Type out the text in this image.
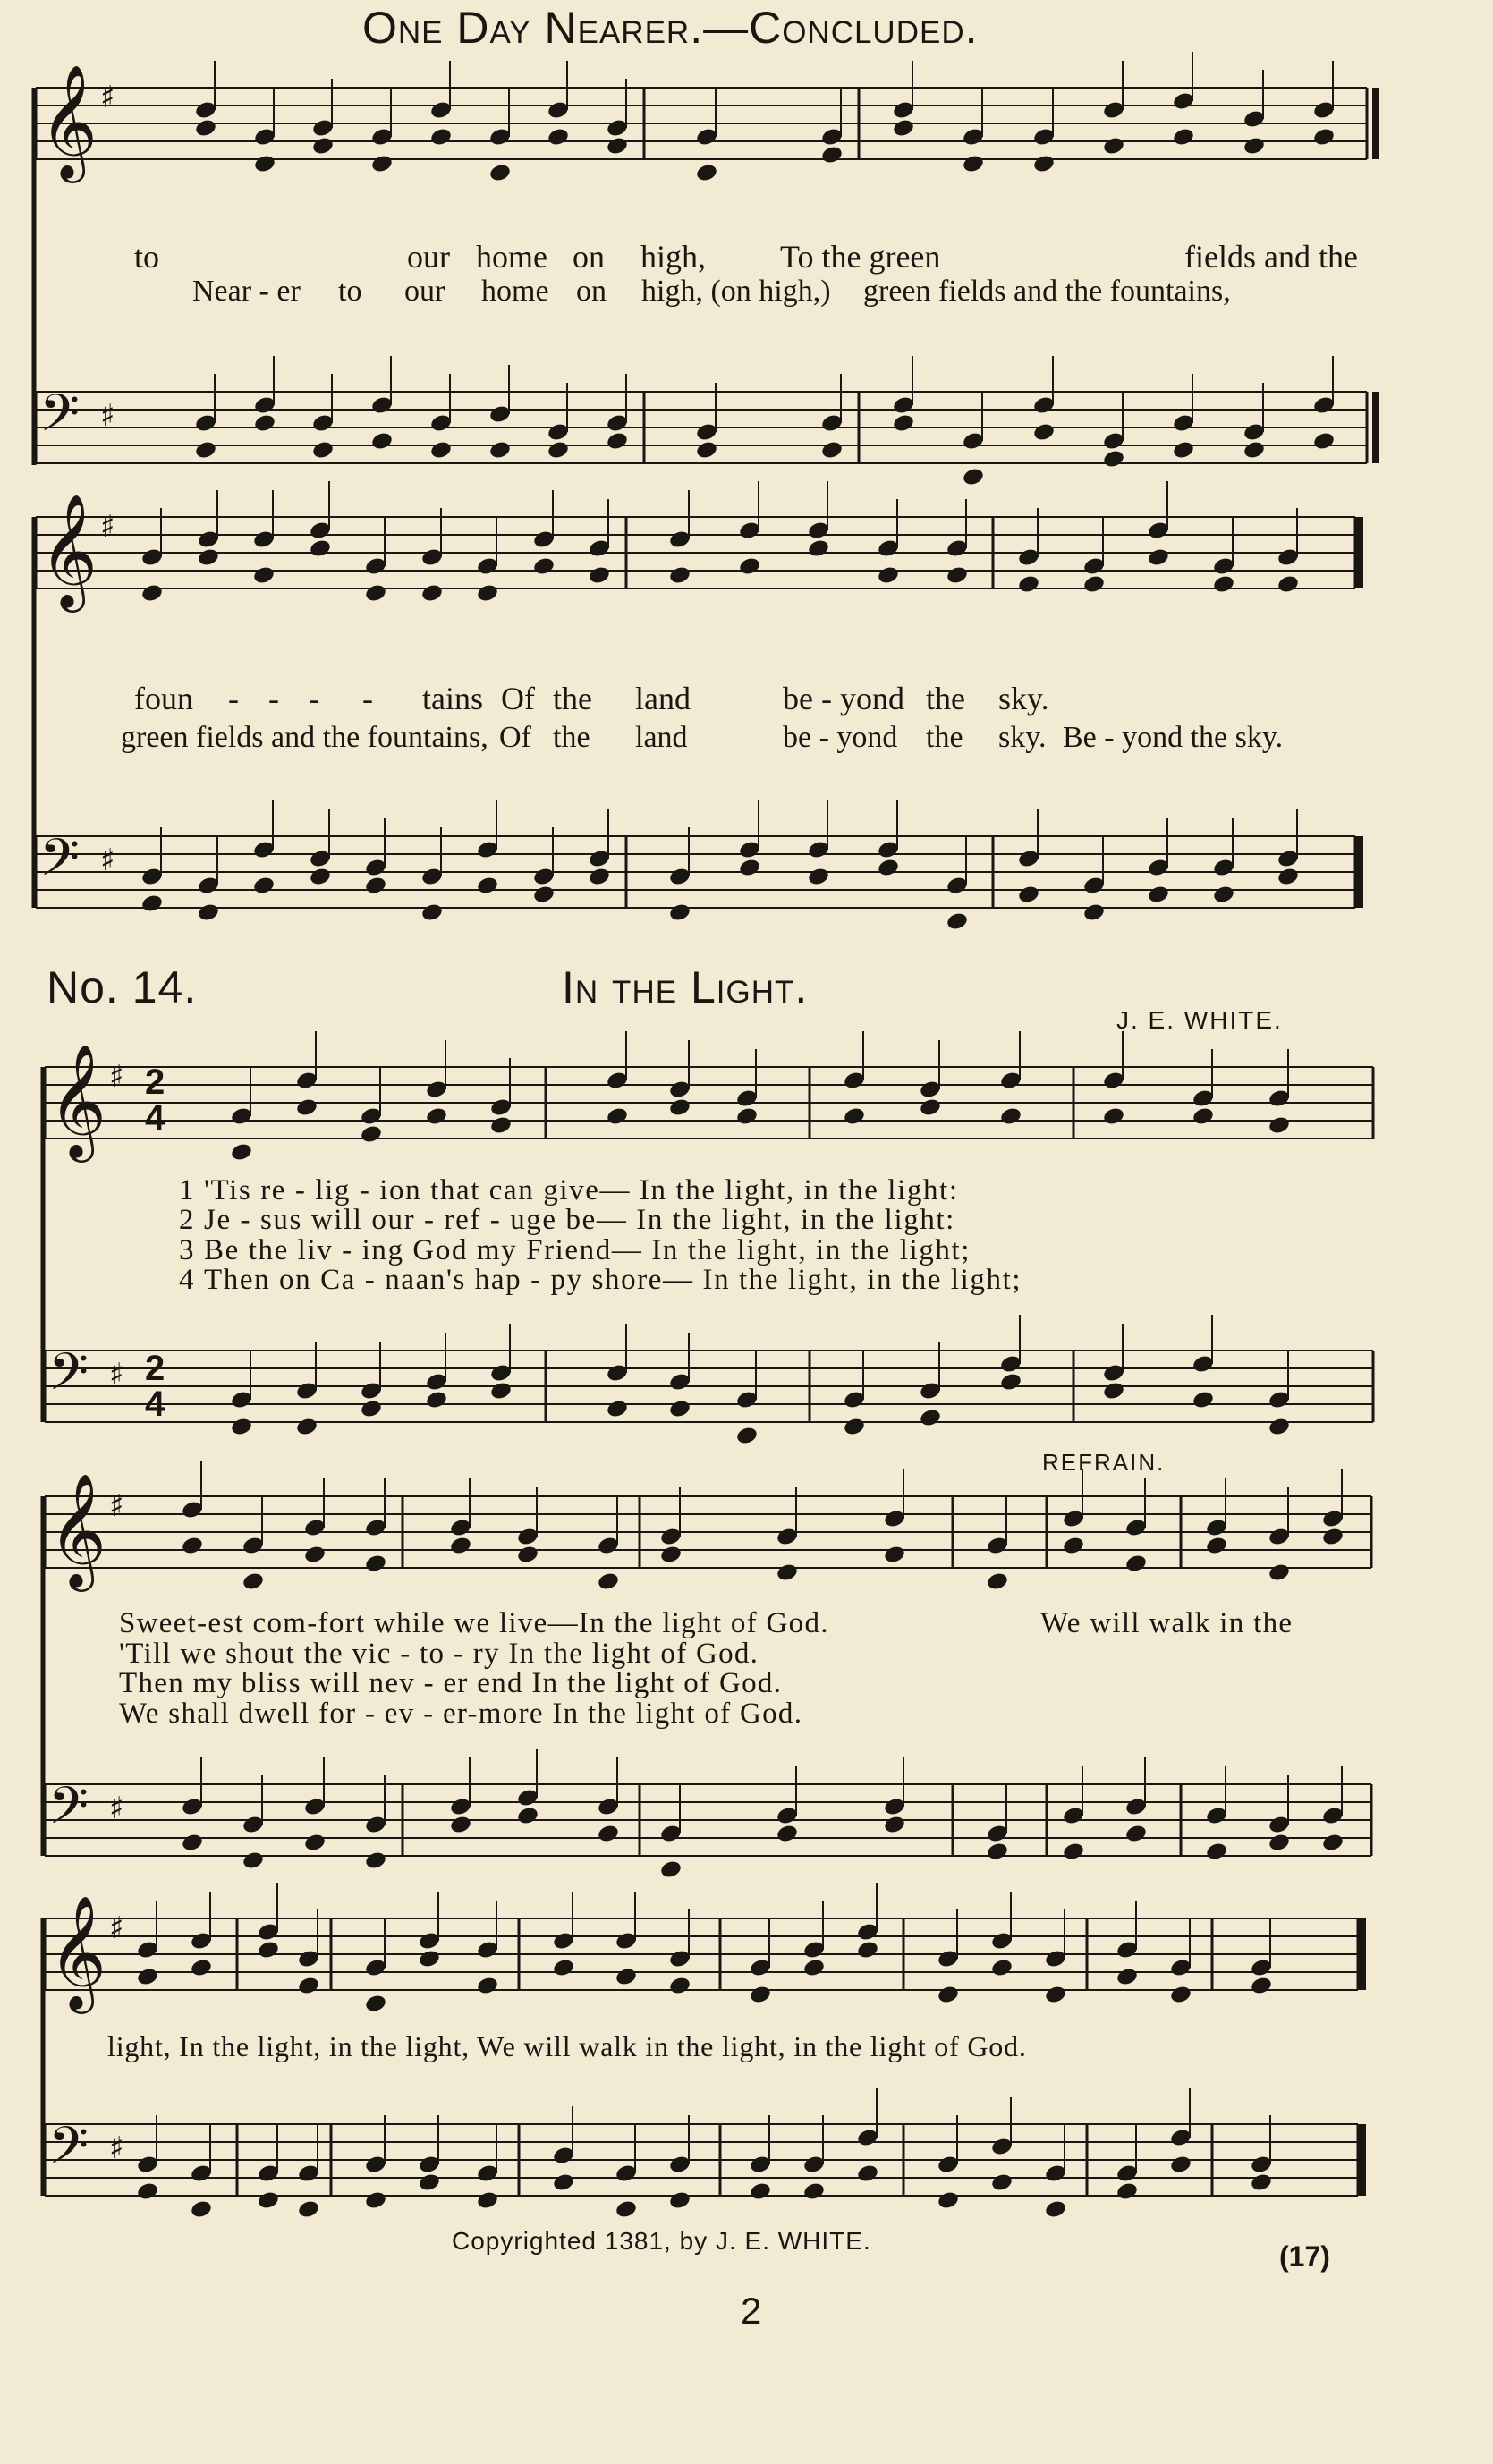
𝄞 ♯
𝄢 ♯
𝄞 ♯
𝄢 ♯
𝄞 ♯
𝄢 ♯
𝄞 ♯
𝄢 ♯
𝄞 ♯
𝄢 ♯
One Day Nearer.—Concluded.
to	our home on high, To the green	fields and the
Near - er to our home on high, (on high,) green fields and the fountains,
foun - - - - tains Of the land	be - yond the sky.
green fields and the fountains, Of the land	be - yond the sky. Be - yond the sky.
No. 14.	In the Light.
J. E. WHITE.
2
4
2
4
1 'Tis re - lig - ion that can give— In the light, in the light:
2 Je - sus will our - ref - uge be— In the light, in the light:
3 Be the liv - ing God my Friend— In the light, in the light;
4 Then on Ca - naan's hap - py shore— In the light, in the light;
REFRAIN.
Sweet-est com-fort while we live—In the light of God.	We will walk in the
'Till we shout the vic - to - ry In the light of God.
Then my bliss will nev - er end In the light of God.
We shall dwell for - ev - er-more In the light of God.
light, In the light, in the light, We will walk in the light, in the light of God.
Copyrighted 1381, by J. E. WHITE.	(17)
2
